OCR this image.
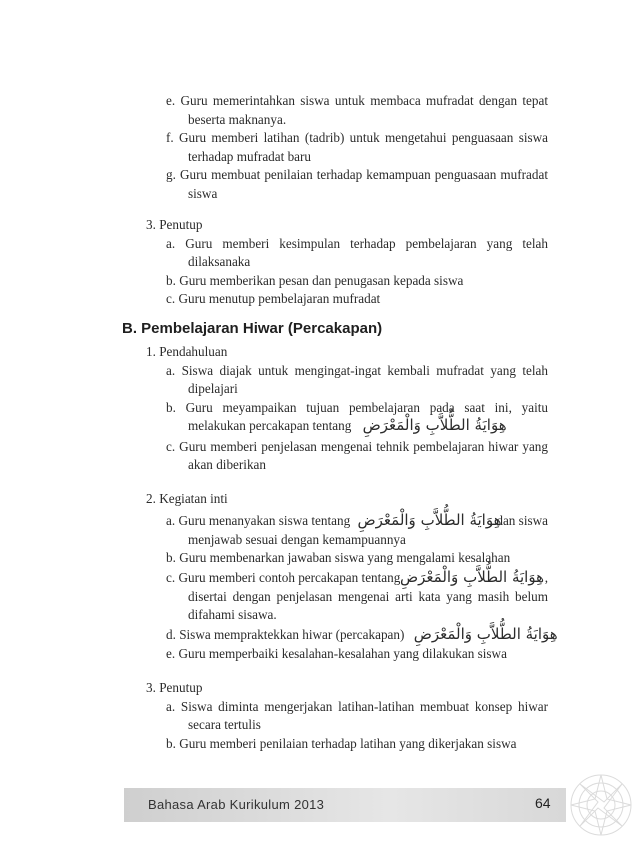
e. Guru memerintahkan siswa untuk membaca mufradat dengan tepat
beserta maknanya.
f. Guru memberi latihan (tadrib) untuk mengetahui penguasaan siswa
terhadap mufradat baru
g. Guru membuat penilaian terhadap kemampuan penguasaan mufradat
siswa
3. Penutup
a. Guru memberi kesimpulan terhadap pembelajaran yang telah
dilaksanaka
b. Guru memberikan pesan dan penugasan kepada siswa
c. Guru menutup pembelajaran mufradat
B. Pembelajaran Hiwar (Percakapan)
1. Pendahuluan
a. Siswa diajak untuk mengingat-ingat kembali mufradat yang telah
dipelajari
b. Guru meyampaikan tujuan pembelajaran pada saat ini, yaitu
melakukan percakapan tentang هِوَايَةُ الطُّلاَّبِ وَالْمَعْرَضِ
c. Guru memberi penjelasan mengenai tehnik pembelajaran hiwar yang
akan diberikan
2. Kegiatan inti
a. Guru menanyakan siswa tentang هِوَايَةُ الطُّلاَّبِ وَالْمَعْرَضِ
, dan siswa
menjawab sesuai dengan kemampuannya
b. Guru membenarkan jawaban siswa yang mengalami kesalahan
c. Guru memberi contoh percakapan tentang هِوَايَةُ الطُّلاَّبِ وَالْمَعْرَضِ ,
disertai dengan penjelasan mengenai arti kata yang masih belum
difahami sisawa.
d. Siswa mempraktekkan hiwar (percakapan) هِوَايَةُ الطُّلاَّبِ وَالْمَعْرَضِ
e. Guru memperbaiki kesalahan-kesalahan yang dilakukan siswa
3. Penutup
a. Siswa diminta mengerjakan latihan-latihan membuat konsep hiwar
secara tertulis
b. Guru memberi penilaian terhadap latihan yang dikerjakan siswa
Bahasa Arab Kurikulum 2013	64
